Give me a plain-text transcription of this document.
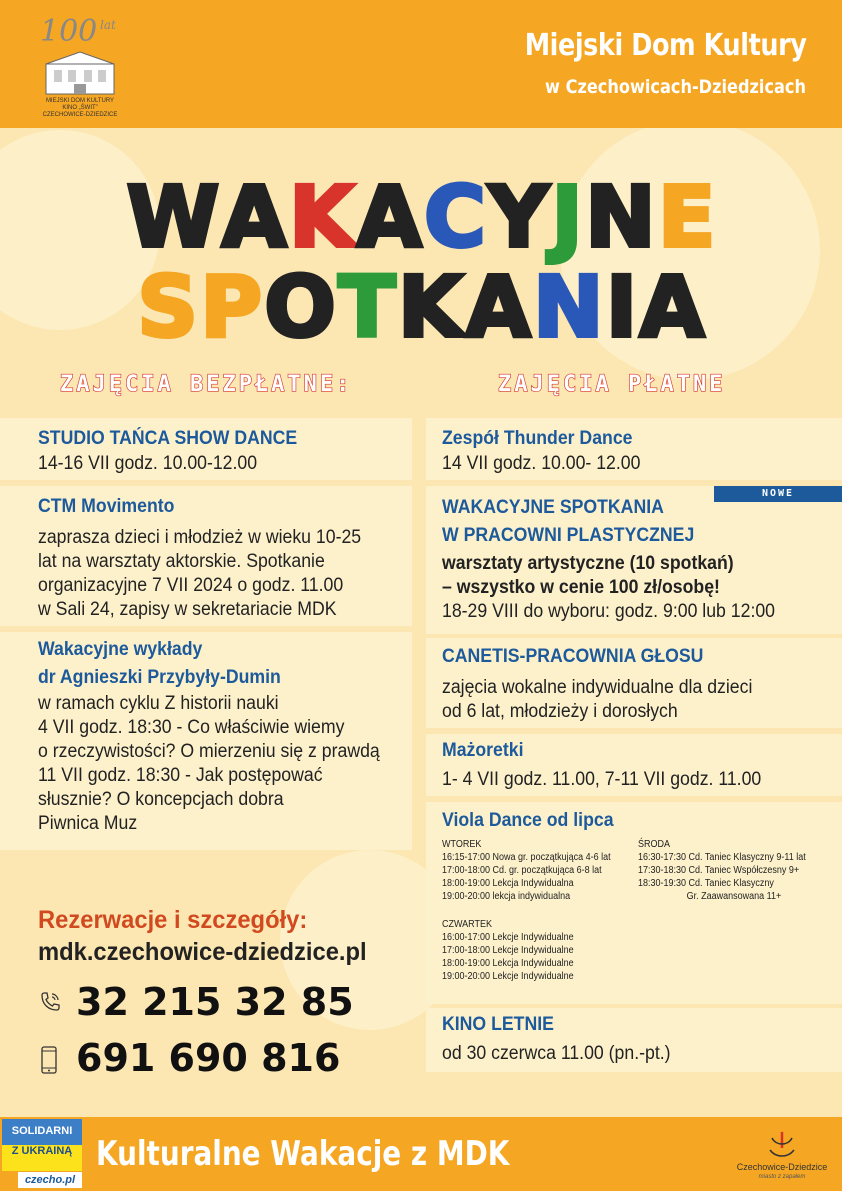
100 lat
MIEJSKI DOM KULTURY
KINO „ŚWIT”
CZECHOWICE-DZIEDZICE
Miejski Dom Kultury
w Czechowicach-Dziedzicach
W A K A C Y J N E
S P O T K A N I A
ZAJĘCIA BEZPŁATNE:	ZAJĘCIA PŁATNE
STUDIO TAŃCA SHOW DANCE

14-16 VII godz. 10.00-12.00

CTM Movimento

zaprasza dzieci i młodzież w wieku 10-25
lat na warsztaty aktorskie. Spotkanie
organizacyjne 7 VII 2024 o godz. 11.00
w Sali 24, zapisy w sekretariacie MDK

Wakacyjne wykłady
dr Agnieszki Przybyły-Dumin

w ramach cyklu Z historii nauki
4 VII godz. 18:30 - Co właściwie wiemy
o rzeczywistości? O mierzeniu się z prawdą
11 VII godz. 18:30 - Jak postępować
słusznie? O koncepcjach dobra
Piwnica Muz

Zespół Thunder Dance

14 VII godz. 10.00- 12.00

NOWE
WAKACYJNE SPOTKANIA
W PRACOWNI PLASTYCZNEJ

warsztaty artystyczne (10 spotkań)
– wszystko w cenie 100 zł/osobę!

18-29 VIII do wyboru: godz. 9:00 lub 12:00

CANETIS-PRACOWNIA GŁOSU

zajęcia wokalne indywidualne dla dzieci
od 6 lat, młodzieży i dorosłych

Mażoretki

1- 4 VII godz. 11.00, 7-11 VII godz. 11.00

Viola Dance od lipca
WTOREK
16:15-17:00 Nowa gr. początkująca 4-6 lat
17:00-18:00 Cd. gr. początkująca 6-8 lat
18:00-19:00 Lekcja Indywidualna
19:00-20:00 lekcja indywidualna
ŚRODA
16:30-17:30 Cd. Taniec Klasyczny 9-11 lat
17:30-18:30 Cd. Taniec Współczesny 9+
18:30-19:30 Cd. Taniec Klasyczny
Gr. Zaawansowana 11+
CZWARTEK
16:00-17:00 Lekcje Indywidualne
17:00-18:00 Lekcje Indywidualne
18:00-19:00 Lekcja Indywidualne
19:00-20:00 Lekcje Indywidualne
KINO LETNIE

od 30 czerwca 11.00 (pn.-pt.)

Rezerwacje i szczegóły:
mdk.czechowice-dziedzice.pl
32 215 32 85
691 690 816
Kulturalne Wakacje z MDK
SOLIDARNI
Z UKRAINĄ
czecho.pl
Czechowice-Dziedzice
miasto z zapałem
